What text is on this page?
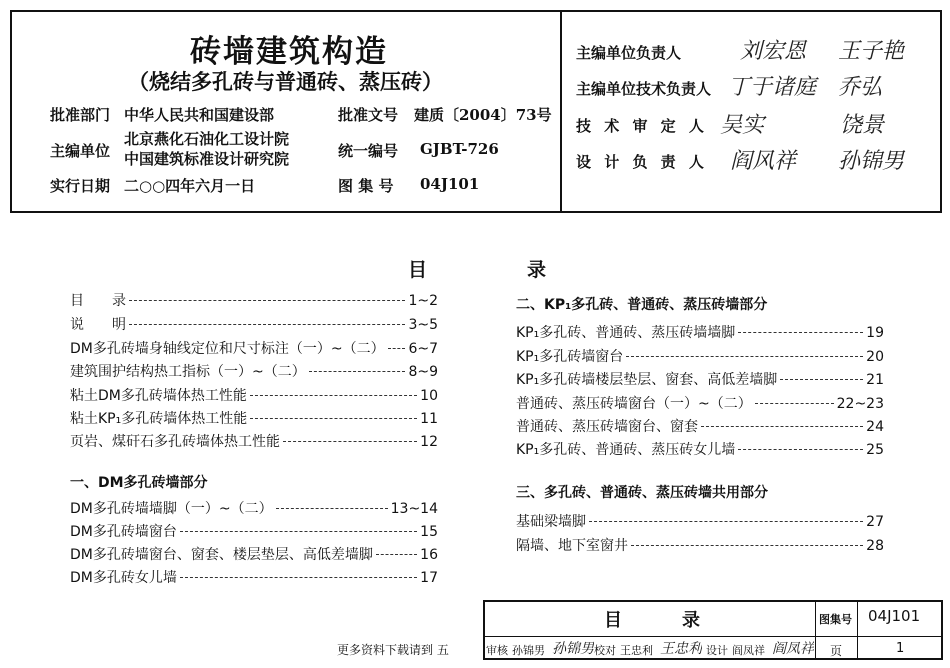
砖墙建筑构造
（烧结多孔砖与普通砖、蒸压砖）
批准部门 中华人民共和国建设部
主编单位
北京燕化石油化工设计院
中国建筑标准设计研究院
实行日期 二○○四年六月一日
批准文号 建质〔2004〕73号
统一编号 GJBT-726
图 集 号 04J101
主编单位负责人	刘宏恩 王子艳
主编单位技术负责人 丁于诸庭 乔弘
技 术 审 定 人 吴实	饶景
设 计 负 责 人 阎风祥 孙锦男
目	录
目　　录	1~2
说　　明	3~5
DM多孔砖墙身轴线定位和尺寸标注（一）~（二） 6~7
建筑围护结构热工指标（一）~（二）	8~9
粘土DM多孔砖墙体热工性能	10
粘土KP₁多孔砖墙体热工性能	11
页岩、煤矸石多孔砖墙体热工性能	12
一、DM多孔砖墙部分
DM多孔砖墙墙脚（一）~（二）	13~14
DM多孔砖墙窗台	15
DM多孔砖墙窗台、窗套、楼层垫层、高低差墙脚	16
DM多孔砖女儿墙	17
二、KP₁多孔砖、普通砖、蒸压砖墙部分
KP₁多孔砖、普通砖、蒸压砖墙墙脚	19
KP₁多孔砖墙窗台	20
KP₁多孔砖墙楼层垫层、窗套、高低差墙脚	21
普通砖、蒸压砖墙窗台（一）~（二）	22~23
普通砖、蒸压砖墙窗台、窗套	24
KP₁多孔砖、普通砖、蒸压砖女儿墙	25
三、多孔砖、普通砖、蒸压砖墙共用部分
基础梁墙脚	27
隔墙、地下室窗井	28
目	录	图集号 04J101
页	1
审核 孙锦男 孙锦男 校对 王忠利 王忠利 设计 阎凤祥 阎凤祥
更多资料下载请到 五
